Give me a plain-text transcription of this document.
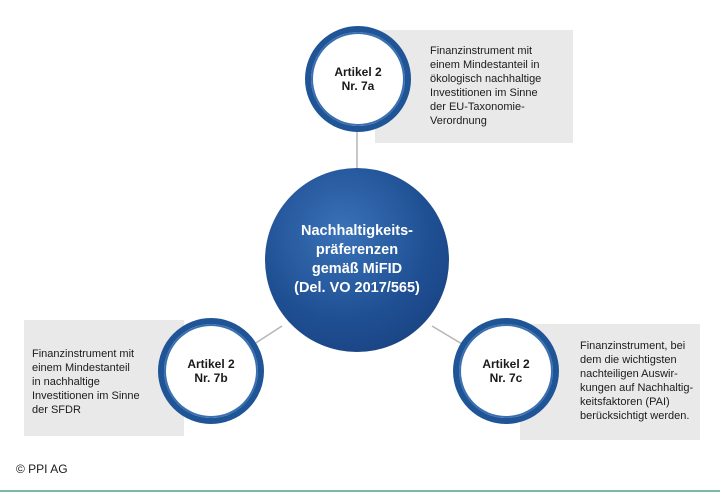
Finanzinstrument mit
einem Mindestanteil in
ökologisch nachhaltige
Investitionen im Sinne
der EU-Taxonomie-
Verordnung
Finanzinstrument mit
einem Mindestanteil
in nachhaltige
Investitionen im Sinne
der SFDR
Finanzinstrument, bei
dem die wichtigsten
nachteiligen Auswir-
kungen auf Nachhaltig-
keitsfaktoren (PAI)
berücksichtigt werden.
Artikel 2
Nr. 7a
Artikel 2
Nr. 7b
Artikel 2
Nr. 7c
Nachhaltigkeits-
präferenzen
gemäß MiFID
(Del. VO 2017/565)
© PPI AG
